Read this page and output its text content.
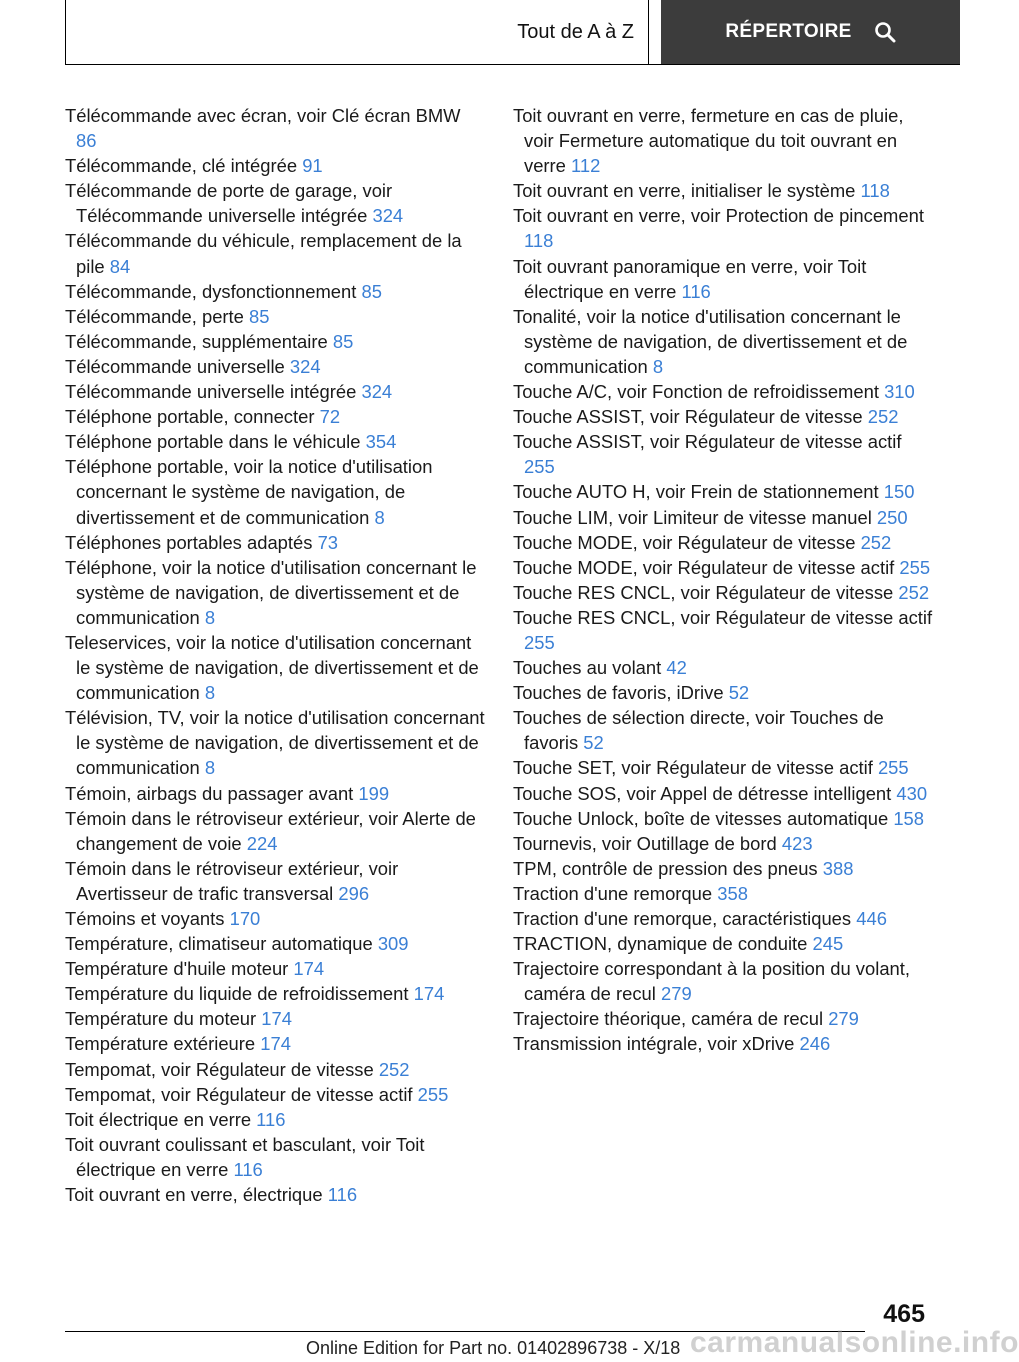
Tout de A à Z	RÉPERTOIRE

Télécommande avec écran, voir Clé écran BMW 86

Télécommande, clé intégrée 91

Télécommande de porte de garage, voir Télécommande universelle intégrée 324

Télécommande du véhicule, remplacement de la pile 84

Télécommande, dysfonctionnement 85

Télécommande, perte 85

Télécommande, supplémentaire 85

Télécommande universelle 324

Télécommande universelle intégrée 324

Téléphone portable, connecter 72

Téléphone portable dans le véhicule 354

Téléphone portable, voir la notice d'utilisation concernant le système de navigation, de divertissement et de communication 8

Téléphones portables adaptés 73

Téléphone, voir la notice d'utilisation concernant le système de navigation, de divertissement et de communication 8

Teleservices, voir la notice d'utilisation concernant le système de navigation, de divertissement et de communication 8

Télévision, TV, voir la notice d'utilisation concernant le système de navigation, de divertissement et de communication 8

Témoin, airbags du passager avant 199

Témoin dans le rétroviseur extérieur, voir Alerte de changement de voie 224

Témoin dans le rétroviseur extérieur, voir Avertisseur de trafic transversal 296

Témoins et voyants 170

Température, climatiseur automatique 309

Température d'huile moteur 174

Température du liquide de refroidissement 174

Température du moteur 174

Température extérieure 174

Tempomat, voir Régulateur de vitesse 252

Tempomat, voir Régulateur de vitesse actif 255

Toit électrique en verre 116

Toit ouvrant coulissant et basculant, voir Toit électrique en verre 116

Toit ouvrant en verre, électrique 116

Toit ouvrant en verre, fermeture en cas de pluie, voir Fermeture automatique du toit ouvrant en verre 112

Toit ouvrant en verre, initialiser le système 118

Toit ouvrant en verre, voir Protection de pincement 118

Toit ouvrant panoramique en verre, voir Toit électrique en verre 116

Tonalité, voir la notice d'utilisation concernant le système de navigation, de divertissement et de communication 8

Touche A/C, voir Fonction de refroidissement 310

Touche ASSIST, voir Régulateur de vitesse 252

Touche ASSIST, voir Régulateur de vitesse actif 255

Touche AUTO H, voir Frein de stationnement 150

Touche LIM, voir Limiteur de vitesse manuel 250

Touche MODE, voir Régulateur de vitesse 252

Touche MODE, voir Régulateur de vitesse actif 255

Touche RES CNCL, voir Régulateur de vitesse 252

Touche RES CNCL, voir Régulateur de vitesse actif 255

Touches au volant 42

Touches de favoris, iDrive 52

Touches de sélection directe, voir Touches de favoris 52

Touche SET, voir Régulateur de vitesse actif 255

Touche SOS, voir Appel de détresse intelligent 430

Touche Unlock, boîte de vitesses automatique 158

Tournevis, voir Outillage de bord 423

TPM, contrôle de pression des pneus 388

Traction d'une remorque 358

Traction d'une remorque, caractéristiques 446

TRACTION, dynamique de conduite 245

Trajectoire correspondant à la position du volant, caméra de recul 279

Trajectoire théorique, caméra de recul 279

Transmission intégrale, voir xDrive 246

465
Online Edition for Part no. 01402896738 - X/18 carmanualsonline.info
